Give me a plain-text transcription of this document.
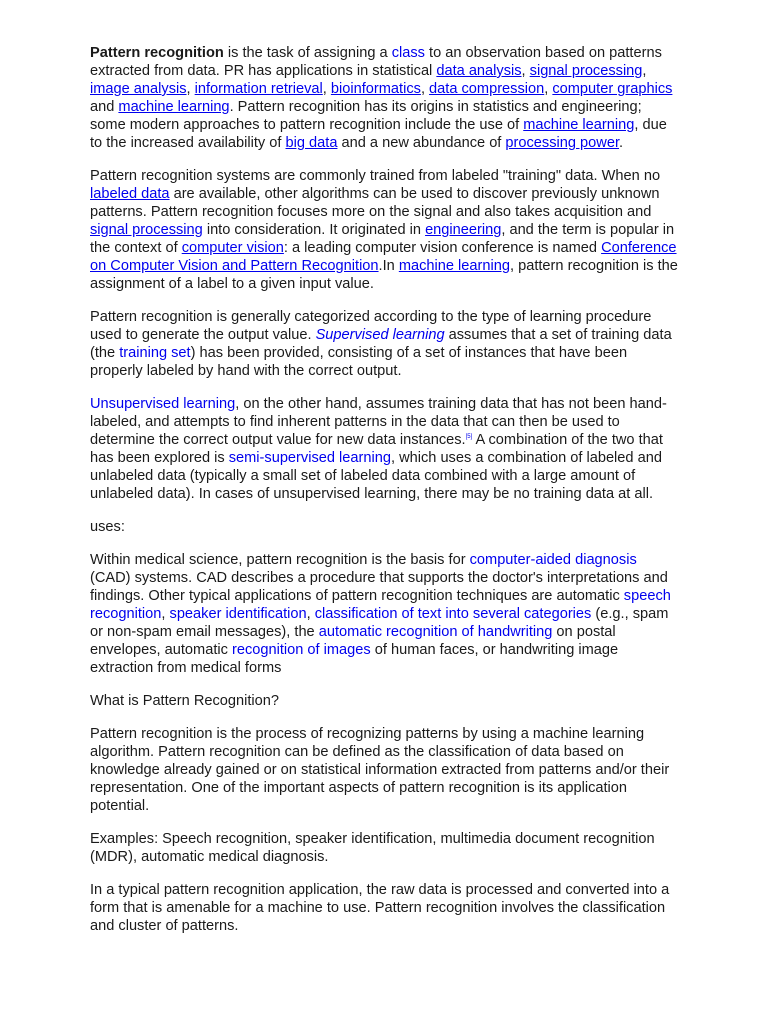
Pattern recognition is the task of assigning a class to an observation based on patterns extracted from data. PR has applications in statistical data analysis, signal processing, image analysis, information retrieval, bioinformatics, data compression, computer graphics and machine learning. Pattern recognition has its origins in statistics and engineering; some modern approaches to pattern recognition include the use of machine learning, due to the increased availability of big data and a new abundance of processing power.

Pattern recognition systems are commonly trained from labeled "training" data. When no labeled data are available, other algorithms can be used to discover previously unknown patterns. Pattern recognition focuses more on the signal and also takes acquisition and signal processing into consideration. It originated in engineering, and the term is popular in the context of computer vision: a leading computer vision conference is named Conference on Computer Vision and Pattern Recognition.In machine learning, pattern recognition is the assignment of a label to a given input value.

Pattern recognition is generally categorized according to the type of learning procedure used to generate the output value. Supervised learning assumes that a set of training data (the training set) has been provided, consisting of a set of instances that have been properly labeled by hand with the correct output.

Unsupervised learning, on the other hand, assumes training data that has not been hand-labeled, and attempts to find inherent patterns in the data that can then be used to determine the correct output value for new data instances.[5] A combination of the two that has been explored is semi-supervised learning, which uses a combination of labeled and unlabeled data (typically a small set of labeled data combined with a large amount of unlabeled data). In cases of unsupervised learning, there may be no training data at all.

uses:

Within medical science, pattern recognition is the basis for computer-aided diagnosis (CAD) systems. CAD describes a procedure that supports the doctor's interpretations and findings. Other typical applications of pattern recognition techniques are automatic speech recognition, speaker identification, classification of text into several categories (e.g., spam or non-spam email messages), the automatic recognition of handwriting on postal envelopes, automatic recognition of images of human faces, or handwriting image extraction from medical forms

What is Pattern Recognition?

Pattern recognition is the process of recognizing patterns by using a machine learning algorithm. Pattern recognition can be defined as the classification of data based on knowledge already gained or on statistical information extracted from patterns and/or their representation. One of the important aspects of pattern recognition is its application potential.

Examples: Speech recognition, speaker identification, multimedia document recognition (MDR), automatic medical diagnosis.

In a typical pattern recognition application, the raw data is processed and converted into a form that is amenable for a machine to use. Pattern recognition involves the classification and cluster of patterns.
